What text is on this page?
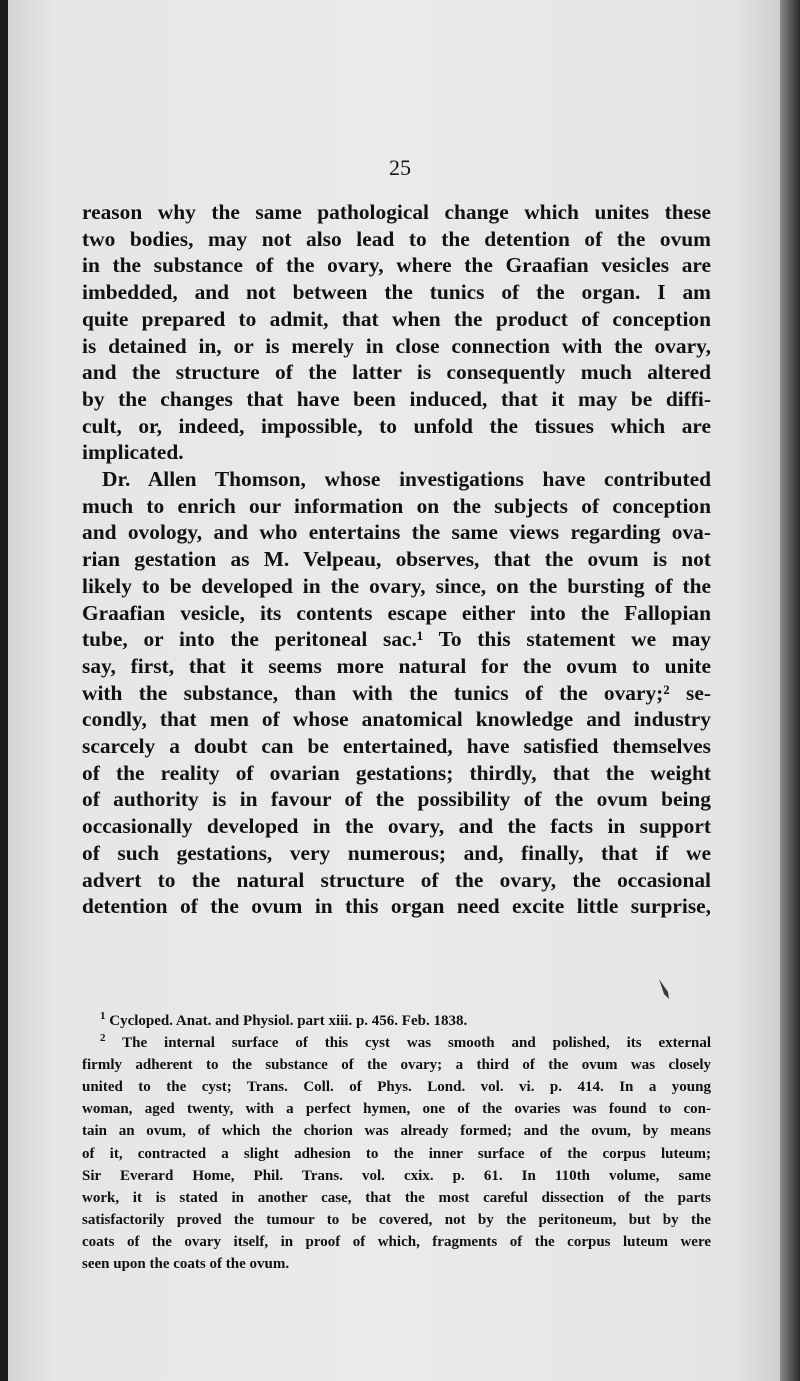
25
reason why the same pathological change which unites these
two bodies, may not also lead to the detention of the ovum
in the substance of the ovary, where the Graafian vesicles are
imbedded, and not between the tunics of the organ. I am
quite prepared to admit, that when the product of conception
is detained in, or is merely in close connection with the ovary,
and the structure of the latter is consequently much altered
by the changes that have been induced, that it may be diffi-
cult, or, indeed, impossible, to unfold the tissues which are
implicated.
Dr. Allen Thomson, whose investigations have contributed
much to enrich our information on the subjects of conception
and ovology, and who entertains the same views regarding ova-
rian gestation as M. Velpeau, observes, that the ovum is not
likely to be developed in the ovary, since, on the bursting of the
Graafian vesicle, its contents escape either into the Fallopian
tube, or into the peritoneal sac.¹ To this statement we may
say, first, that it seems more natural for the ovum to unite
with the substance, than with the tunics of the ovary;² se-
condly, that men of whose anatomical knowledge and industry
scarcely a doubt can be entertained, have satisfied themselves
of the reality of ovarian gestations; thirdly, that the weight
of authority is in favour of the possibility of the ovum being
occasionally developed in the ovary, and the facts in support
of such gestations, very numerous; and, finally, that if we
advert to the natural structure of the ovary, the occasional
detention of the ovum in this organ need excite little surprise,
$^1$ Cycloped. Anat. and Physiol. part xiii. p. 456. Feb. 1838.
$^2$ The internal surface of this cyst was smooth and polished, its external
firmly adherent to the substance of the ovary; a third of the ovum was closely
united to the cyst; Trans. Coll. of Phys. Lond. vol. vi. p. 414. In a young
woman, aged twenty, with a perfect hymen, one of the ovaries was found to con-
tain an ovum, of which the chorion was already formed; and the ovum, by means
of it, contracted a slight adhesion to the inner surface of the corpus luteum;
Sir Everard Home, Phil. Trans. vol. cxix. p. 61. In 110th volume, same
work, it is stated in another case, that the most careful dissection of the parts
satisfactorily proved the tumour to be covered, not by the peritoneum, but by the
coats of the ovary itself, in proof of which, fragments of the corpus luteum were
seen upon the coats of the ovum.
